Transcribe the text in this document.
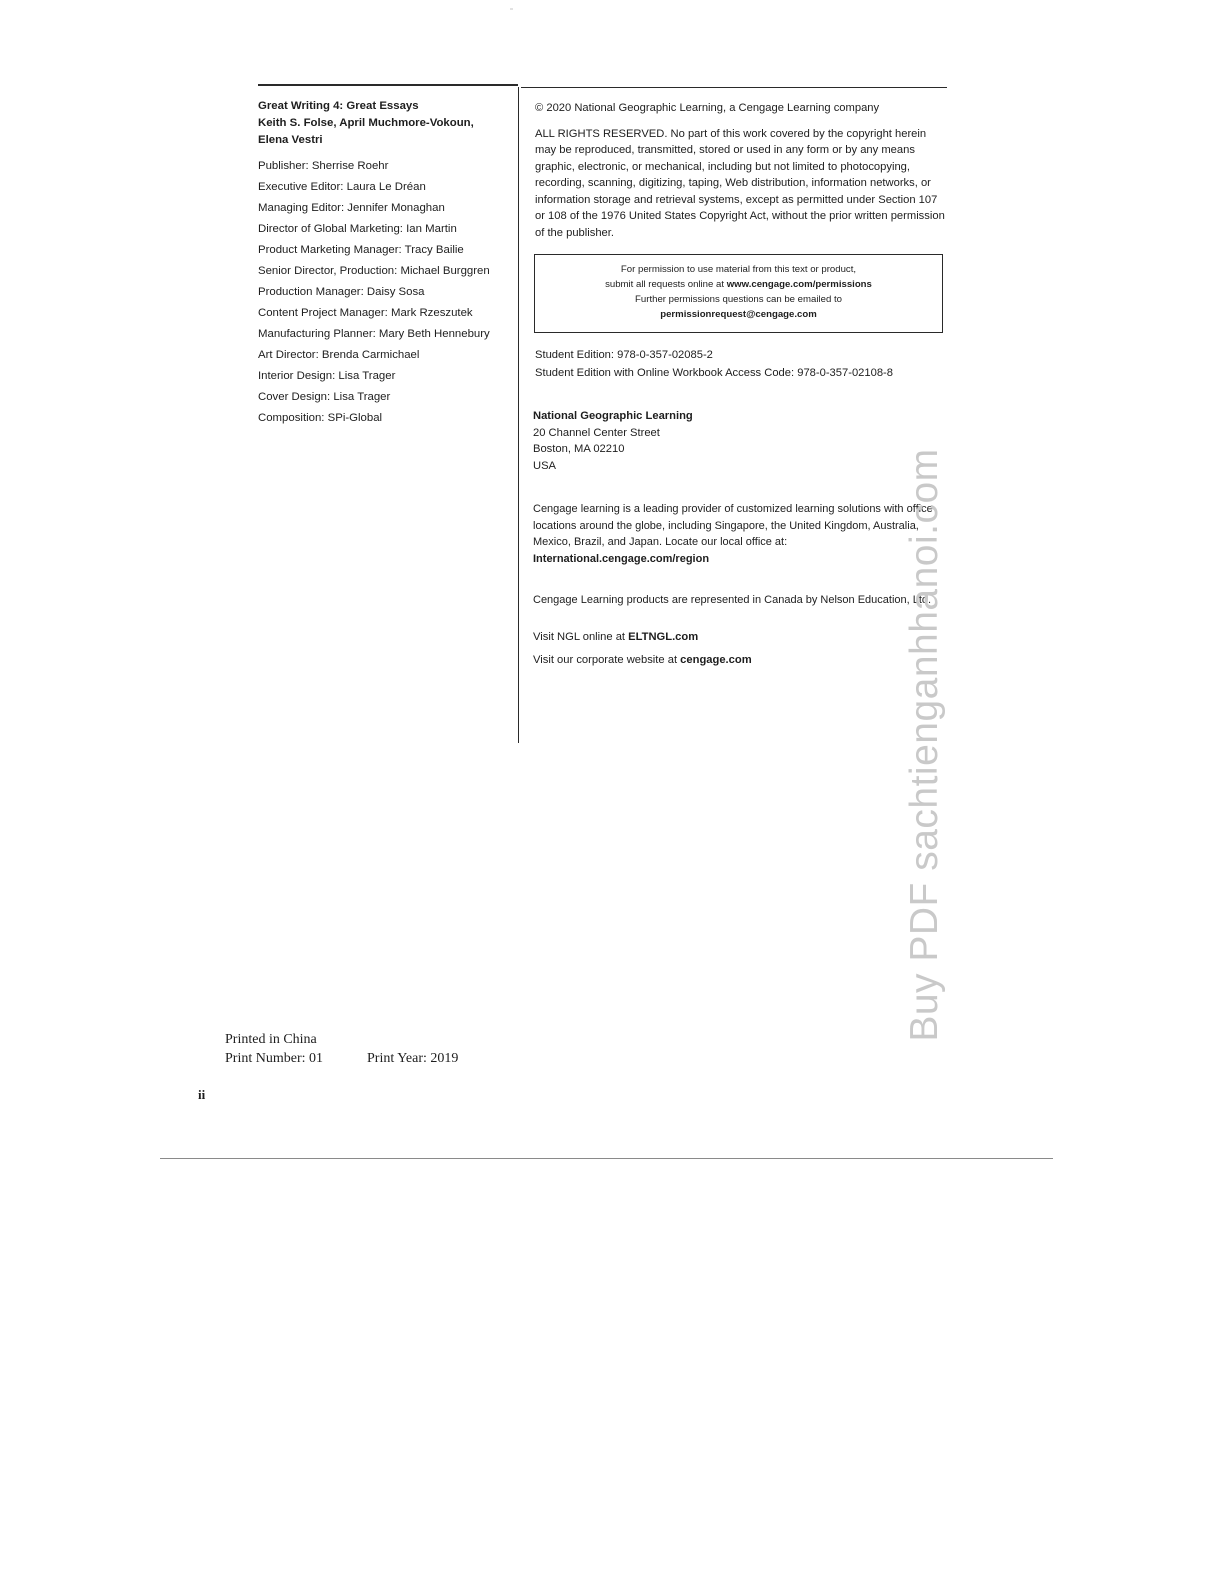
Great Writing 4: Great Essays

Keith S. Folse, April Muchmore-Vokoun,
Elena Vestri

Publisher: Sherrise Roehr

Executive Editor: Laura Le Dréan

Managing Editor: Jennifer Monaghan

Director of Global Marketing: Ian Martin

Product Marketing Manager: Tracy Bailie

Senior Director, Production: Michael Burggren

Production Manager: Daisy Sosa

Content Project Manager: Mark Rzeszutek

Manufacturing Planner: Mary Beth Hennebury

Art Director: Brenda Carmichael

Interior Design: Lisa Trager

Cover Design: Lisa Trager

Composition: SPi-Global

© 2020 National Geographic Learning, a Cengage Learning company

ALL RIGHTS RESERVED. No part of this work covered by the copyright herein may be reproduced, transmitted, stored or used in any form or by any means graphic, electronic, or mechanical, including but not limited to photocopying, recording, scanning, digitizing, taping, Web distribution, information networks, or information storage and retrieval systems, except as permitted under Section 107 or 108 of the 1976 United States Copyright Act, without the prior written permission of the publisher.

For permission to use material from this text or product,
submit all requests online at www.cengage.com/permissions
Further permissions questions can be emailed to
permissionrequest@cengage.com

Student Edition: 978-0-357-02085-2

Student Edition with Online Workbook Access Code: 978-0-357-02108-8

National Geographic Learning

20 Channel Center Street

Boston, MA 02210

USA

Cengage learning is a leading provider of customized learning solutions with office locations around the globe, including Singapore, the United Kingdom, Australia, Mexico, Brazil, and Japan. Locate our local office at: International.cengage.com/region
Cengage Learning products are represented in Canada by Nelson Education, Ltd.

Visit NGL online at ELTNGL.com

Visit our corporate website at cengage.com

Printed in China

Print Number: 01	Print Year: 2019

ii
Buy PDF sachtienganhhanoi.com
